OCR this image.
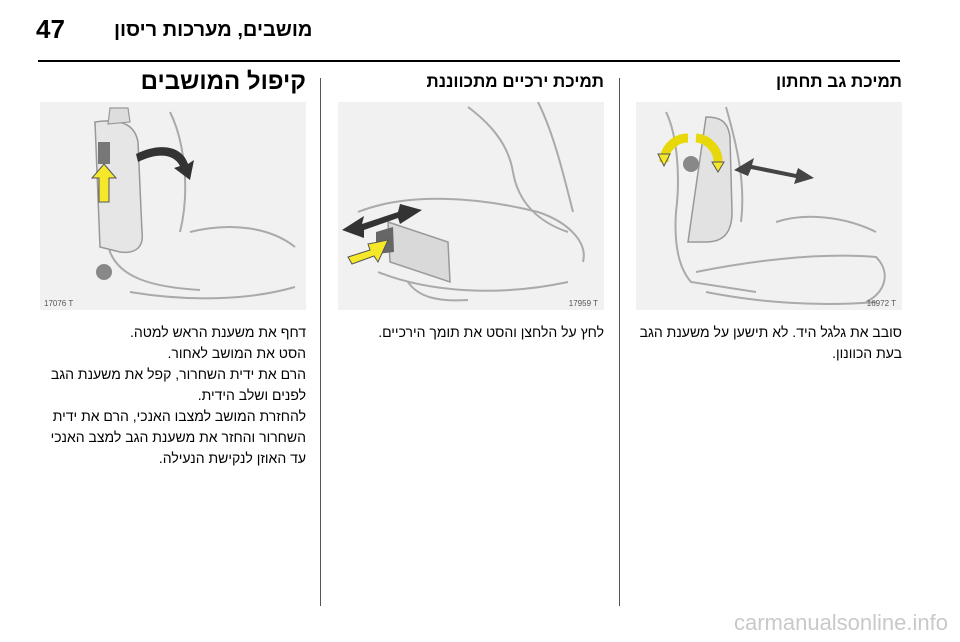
47 מושבים, מערכות ריסון
תמיכת גב תחתון
16972 T

סובב את גלגל היד. לא תישען על משענת הגב בעת הכוונון.

תמיכת ירכיים מתכווננת
17959 T

לחץ על הלחצן והסט את תומך הירכיים.

קיפול המושבים
17076 T

דחף את משענת הראש למטה.

הסט את המושב לאחור.

הרם את ידית השחרור, קפל את משענת הגב לפנים ושלב הידית.

להחזרת המושב למצבו האנכי, הרם את ידית השחרור והחזר את משענת הגב למצב האנכי עד האוזן לנקישת הנעילה.

carmanualsonline.info
